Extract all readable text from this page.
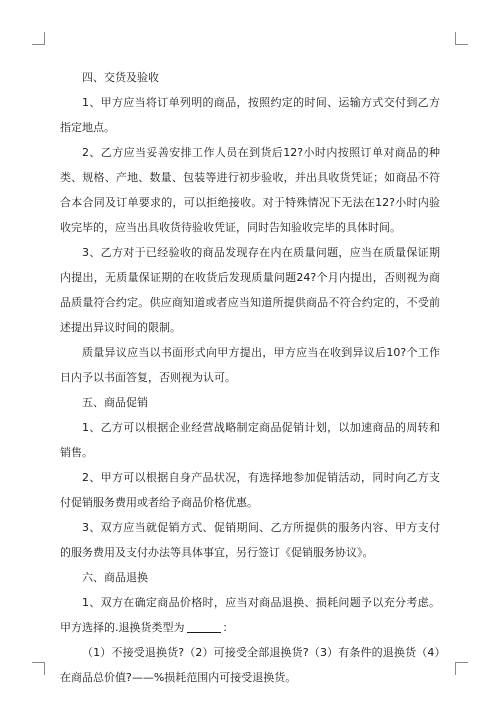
四、交货及验收

1、甲方应当将订单列明的商品，按照约定的时间、运输方式交付到乙方指定地点。

2、乙方应当妥善安排工作人员在到货后12?小时内按照订单对商品的种类、规格、产地、数量、包装等进行初步验收，并出具收货凭证；如商品不符合本合同及订单要求的，可以拒绝接收。对于特殊情况下无法在12?小时内验收完毕的，应当出具收货待验收凭证，同时告知验收完毕的具体时间。

3、乙方对于已经验收的商品发现存在内在质量问题，应当在质量保证期内提出，无质量保证期的在收货后发现质量问题24?个月内提出，否则视为商品质量符合约定。供应商知道或者应当知道所提供商品不符合约定的，不受前述提出异议时间的限制。

质量异议应当以书面形式向甲方提出，甲方应当在收到异议后10?个工作日内予以书面答复，否则视为认可。

五、商品促销

1、乙方可以根据企业经营战略制定商品促销计划，以加速商品的周转和销售。

2、甲方可以根据自身产品状况，有选择地参加促销活动，同时向乙方支付促销服务费用或者给予商品价格优惠。

3、双方应当就促销方式、促销期间、乙方所提供的服务内容、甲方支付的服务费用及支付办法等具体事宜，另行签订《促销服务协议》。

六、商品退换

1、双方在确定商品价格时，应当对商品退换、损耗问题予以充分考虑。甲方选择的.退换货类型为	：

（1）不接受退换货?（2）可接受全部退换货?（3）有条件的退换货（4）在商品总价值?——%损耗范围内可接受退换货。
